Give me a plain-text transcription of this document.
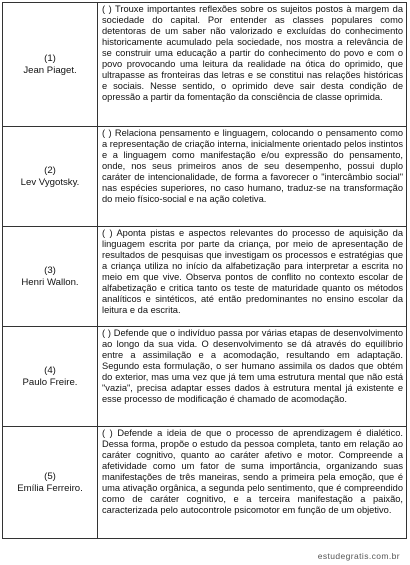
(1)
Jean Piaget.	( ) Trouxe importantes reflexões sobre os sujeitos postos à margem da sociedade do capital. Por entender as classes populares como detentoras de um saber não valorizado e excluídas do conhecimento historicamente acumulado pela sociedade, nos mostra a relevância de se construir uma educação a partir do conhecimento do povo e com o povo provocando uma leitura da realidade na ótica do oprimido, que ultrapasse as fronteiras das letras e se constitui nas relações históricas e sociais. Nesse sentido, o oprimido deve sair desta condição de opressão a partir da fomentação da consciência de classe oprimida.

(2)
Lev Vygotsky.	( ) Relaciona pensamento e linguagem, colocando o pensamento como a representação de criação interna, inicialmente orientado pelos instintos e a linguagem como manifestação e/ou expressão do pensamento, onde, nos seus primeiros anos de seu desempenho, possui duplo caráter de intencionalidade, de forma a favorecer o "intercâmbio social" nas espécies superiores, no caso humano, traduz-se na transformação do meio físico-social e na ação coletiva.

(3)
Henri Wallon.	( ) Apontа pistas e aspectos relevantes do processo de aquisição da linguagem escrita por parte da criança, por meio de apresentação de resultados de pesquisas que investigam os processos e estratégias que a criança utiliza no início da alfabetização para interpretar a escrita no meio em que vive. Observa pontos de conflito no contexto escolar de alfabetização e critica tanto os teste de maturidade quanto os métodos analíticos e sintéticos, até então predominantes no ensino escolar da leitura e da escrita.

(4)
Paulo Freire.	( ) Defende que o indivíduo passa por várias etapas de desenvolvimento ao longo da sua vida. O desenvolvimento se dá através do equilíbrio entre a assimilação e a acomodação, resultando em adaptação. Segundo esta formulação, o ser humano assimila os dados que obtém do exterior, mas uma vez que já tem uma estrutura mental que não está "vazia", precisa adaptar esses dados à estrutura mental já existente e esse processo de modificação é chamado de acomodação.

(5)
Emília Ferreiro.	( ) Defende a ideia de que o processo de aprendizagem é dialético. Dessa forma, propõe o estudo da pessoa completa, tanto em relação ao caráter cognitivo, quanto ao caráter afetivo e motor. Compreende a afetividade como um fator de suma importância, organizando suas manifestações de três maneiras, sendo a primeira pela emoção, que é uma ativação orgânica, a segunda pelo sentimento, que é compreendido como de caráter cognitivo, e a terceira manifestação a paixão, caracterizada pelo autocontrole psicomotor em função de um objetivo.
estudegratis.com.br
